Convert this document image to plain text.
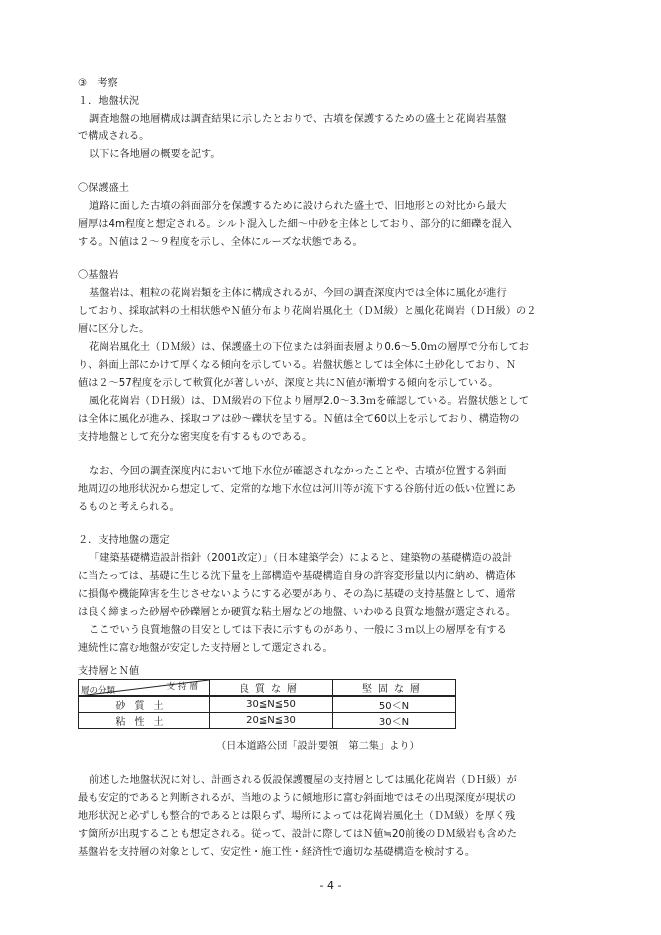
③　考察
１．地盤状況
調査地盤の地層構成は調査結果に示したとおりで、古墳を保護するための盛土と花崗岩基盤
で構成される。
以下に各地層の概要を記す。
〇保護盛土
道路に面した古墳の斜面部分を保護するために設けられた盛土で、旧地形との対比から最大
層厚は4m程度と想定される。シルト混入した細～中砂を主体としており、部分的に細礫を混入
する。Ｎ値は２～９程度を示し、全体にルーズな状態である。
〇基盤岩
基盤岩は、粗粒の花崗岩類を主体に構成されるが、今回の調査深度内では全体に風化が進行
しており、採取試料の土相状態やＮ値分布より花崗岩風化土（ＤＭ級）と風化花崗岩（ＤＨ級）の２
層に区分した。
花崗岩風化土（ＤＭ級）は、保護盛土の下位または斜面表層より0.6～5.0ｍの層厚で分布してお
り、斜面上部にかけて厚くなる傾向を示している。岩盤状態としては全体に土砂化しており、Ｎ
値は２～57程度を示して軟質化が著しいが、深度と共にＮ値が漸増する傾向を示している。
風化花崗岩（ＤＨ級）は、ＤＭ級岩の下位より層厚2.0～3.3ｍを確認している。岩盤状態として
は全体に風化が進み、採取コアは砂～礫状を呈する。Ｎ値は全て60以上を示しており、構造物の
支持地盤として充分な密実度を有するものである。
なお、今回の調査深度内において地下水位が確認されなかったことや、古墳が位置する斜面
地周辺の地形状況から想定して、定常的な地下水位は河川等が流下する谷筋付近の低い位置にあ
るものと考えられる。
２．支持地盤の選定
「建築基礎構造設計指針（2001改定）」（日本建築学会）によると、建築物の基礎構造の設計
に当たっては、基礎に生じる沈下量を上部構造や基礎構造自身の許容変形量以内に納め、構造体
に損傷や機能障害を生じさせないようにする必要があり、その為に基礎の支持基盤として、通常
は良く締まった砂層や砂礫層とか硬質な粘土層などの地盤、いわゆる良質な地盤が選定される。
ここでいう良質地盤の目安としては下表に示すものがあり、一般に３ｍ以上の層厚を有する
連続性に富む地盤が安定した支持層として選定される。
支持層とＮ値
支持層
層の分類	良質な層	堅固な層
砂質土	30≦N≦50	50＜N
粘性土	20≦N≦30	30＜N
（日本道路公団「設計要領　第二集」より）
前述した地盤状況に対し、計画される仮設保護覆屋の支持層としては風化花崗岩（ＤＨ級）が
最も安定的であると判断されるが、当地のように傾地形に富む斜面地ではその出現深度が現状の
地形状況と必ずしも整合的であるとは限らず、場所によっては花崗岩風化土（ＤＭ級）を厚く残
す箇所が出現することも想定される。従って、設計に際してはＮ値≒20前後のＤＭ級岩も含めた
基盤岩を支持層の対象として、安定性・施工性・経済性で適切な基礎構造を検討する。
- 4 -
